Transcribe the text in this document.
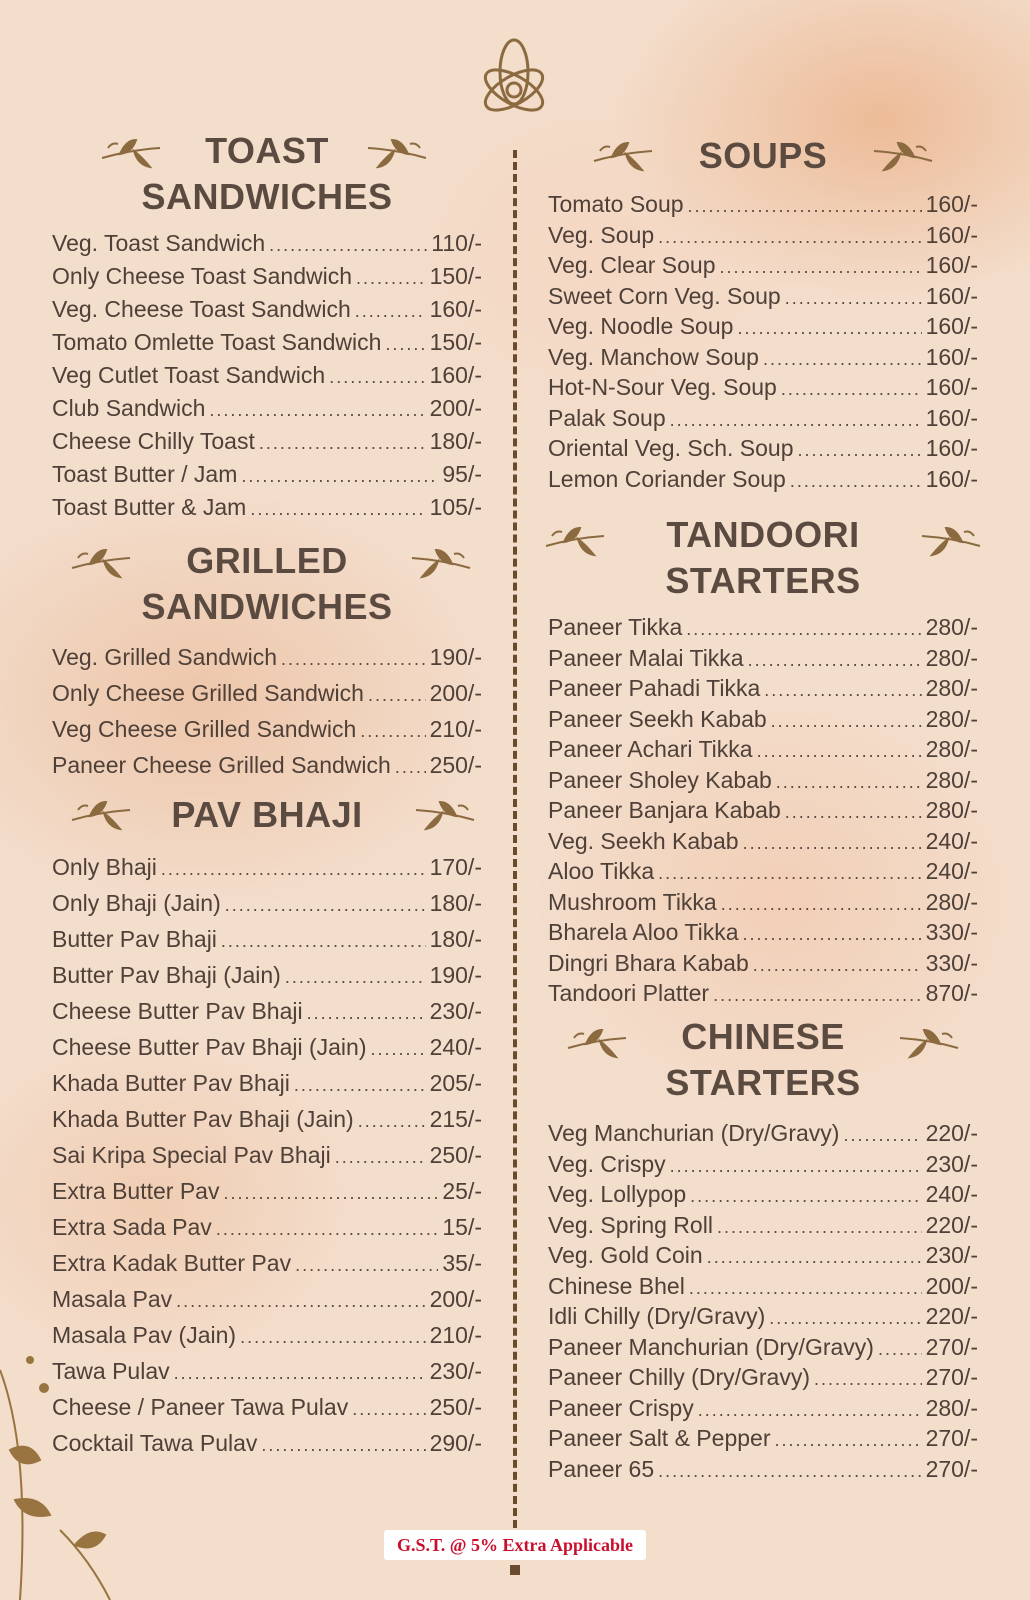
TOAST
SANDWICHES
Veg. Toast Sandwich .....	110/-
Only Cheese Toast Sandwich .....	150/-
Veg. Cheese Toast Sandwich .....	160/-
Tomato Omlette Toast Sandwich ..... 150/-
Veg Cutlet Toast Sandwich .....	160/-
Club Sandwich .....	200/-
Cheese Chilly Toast .....	180/-
Toast Butter / Jam .....	95/-
Toast Butter & Jam .....	105/-
GRILLED
SANDWICHES
Veg. Grilled Sandwich .....	190/-
Only Cheese Grilled Sandwich .....	200/-
Veg Cheese Grilled Sandwich .....	210/-
Paneer Cheese Grilled Sandwich ..... 250/-
PAV BHAJI
Only Bhaji .....	170/-
Only Bhaji (Jain) .....	180/-
Butter Pav Bhaji .....	180/-
Butter Pav Bhaji (Jain) .....	190/-
Cheese Butter Pav Bhaji .....	230/-
Cheese Butter Pav Bhaji (Jain) .....	240/-
Khada Butter Pav Bhaji .....	205/-
Khada Butter Pav Bhaji (Jain) .....	215/-
Sai Kripa Special Pav Bhaji .....	250/-
Extra Butter Pav .....	25/-
Extra Sada Pav .....	15/-
Extra Kadak Butter Pav .....	35/-
Masala Pav .....	200/-
Masala Pav (Jain) .....	210/-
Tawa Pulav .....	230/-
Cheese / Paneer Tawa Pulav .....	250/-
Cocktail Tawa Pulav .....	290/-
SOUPS
Tomato Soup .....	160/-
Veg. Soup .....	160/-
Veg. Clear Soup .....	160/-
Sweet Corn Veg. Soup .....	160/-
Veg. Noodle Soup .....	160/-
Veg. Manchow Soup .....	160/-
Hot-N-Sour Veg. Soup .....	160/-
Palak Soup .....	160/-
Oriental Veg. Sch. Soup .....	160/-
Lemon Coriander Soup .....	160/-
TANDOORI
STARTERS
Paneer Tikka .....	280/-
Paneer Malai Tikka .....	280/-
Paneer Pahadi Tikka .....	280/-
Paneer Seekh Kabab .....	280/-
Paneer Achari Tikka .....	280/-
Paneer Sholey Kabab .....	280/-
Paneer Banjara Kabab .....	280/-
Veg. Seekh Kabab .....	240/-
Aloo Tikka .....	240/-
Mushroom Tikka .....	280/-
Bharela Aloo Tikka .....	330/-
Dingri Bhara Kabab .....	330/-
Tandoori Platter .....	870/-
CHINESE
STARTERS
Veg Manchurian (Dry/Gravy) .....	220/-
Veg. Crispy .....	230/-
Veg. Lollypop .....	240/-
Veg. Spring Roll .....	220/-
Veg. Gold Coin .....	230/-
Chinese Bhel .....	200/-
Idli Chilly (Dry/Gravy) .....	220/-
Paneer Manchurian (Dry/Gravy) ..... 270/-
Paneer Chilly (Dry/Gravy) .....	270/-
Paneer Crispy .....	280/-
Paneer Salt & Pepper .....	270/-
Paneer 65 .....	270/-
G.S.T. @ 5% Extra Applicable
